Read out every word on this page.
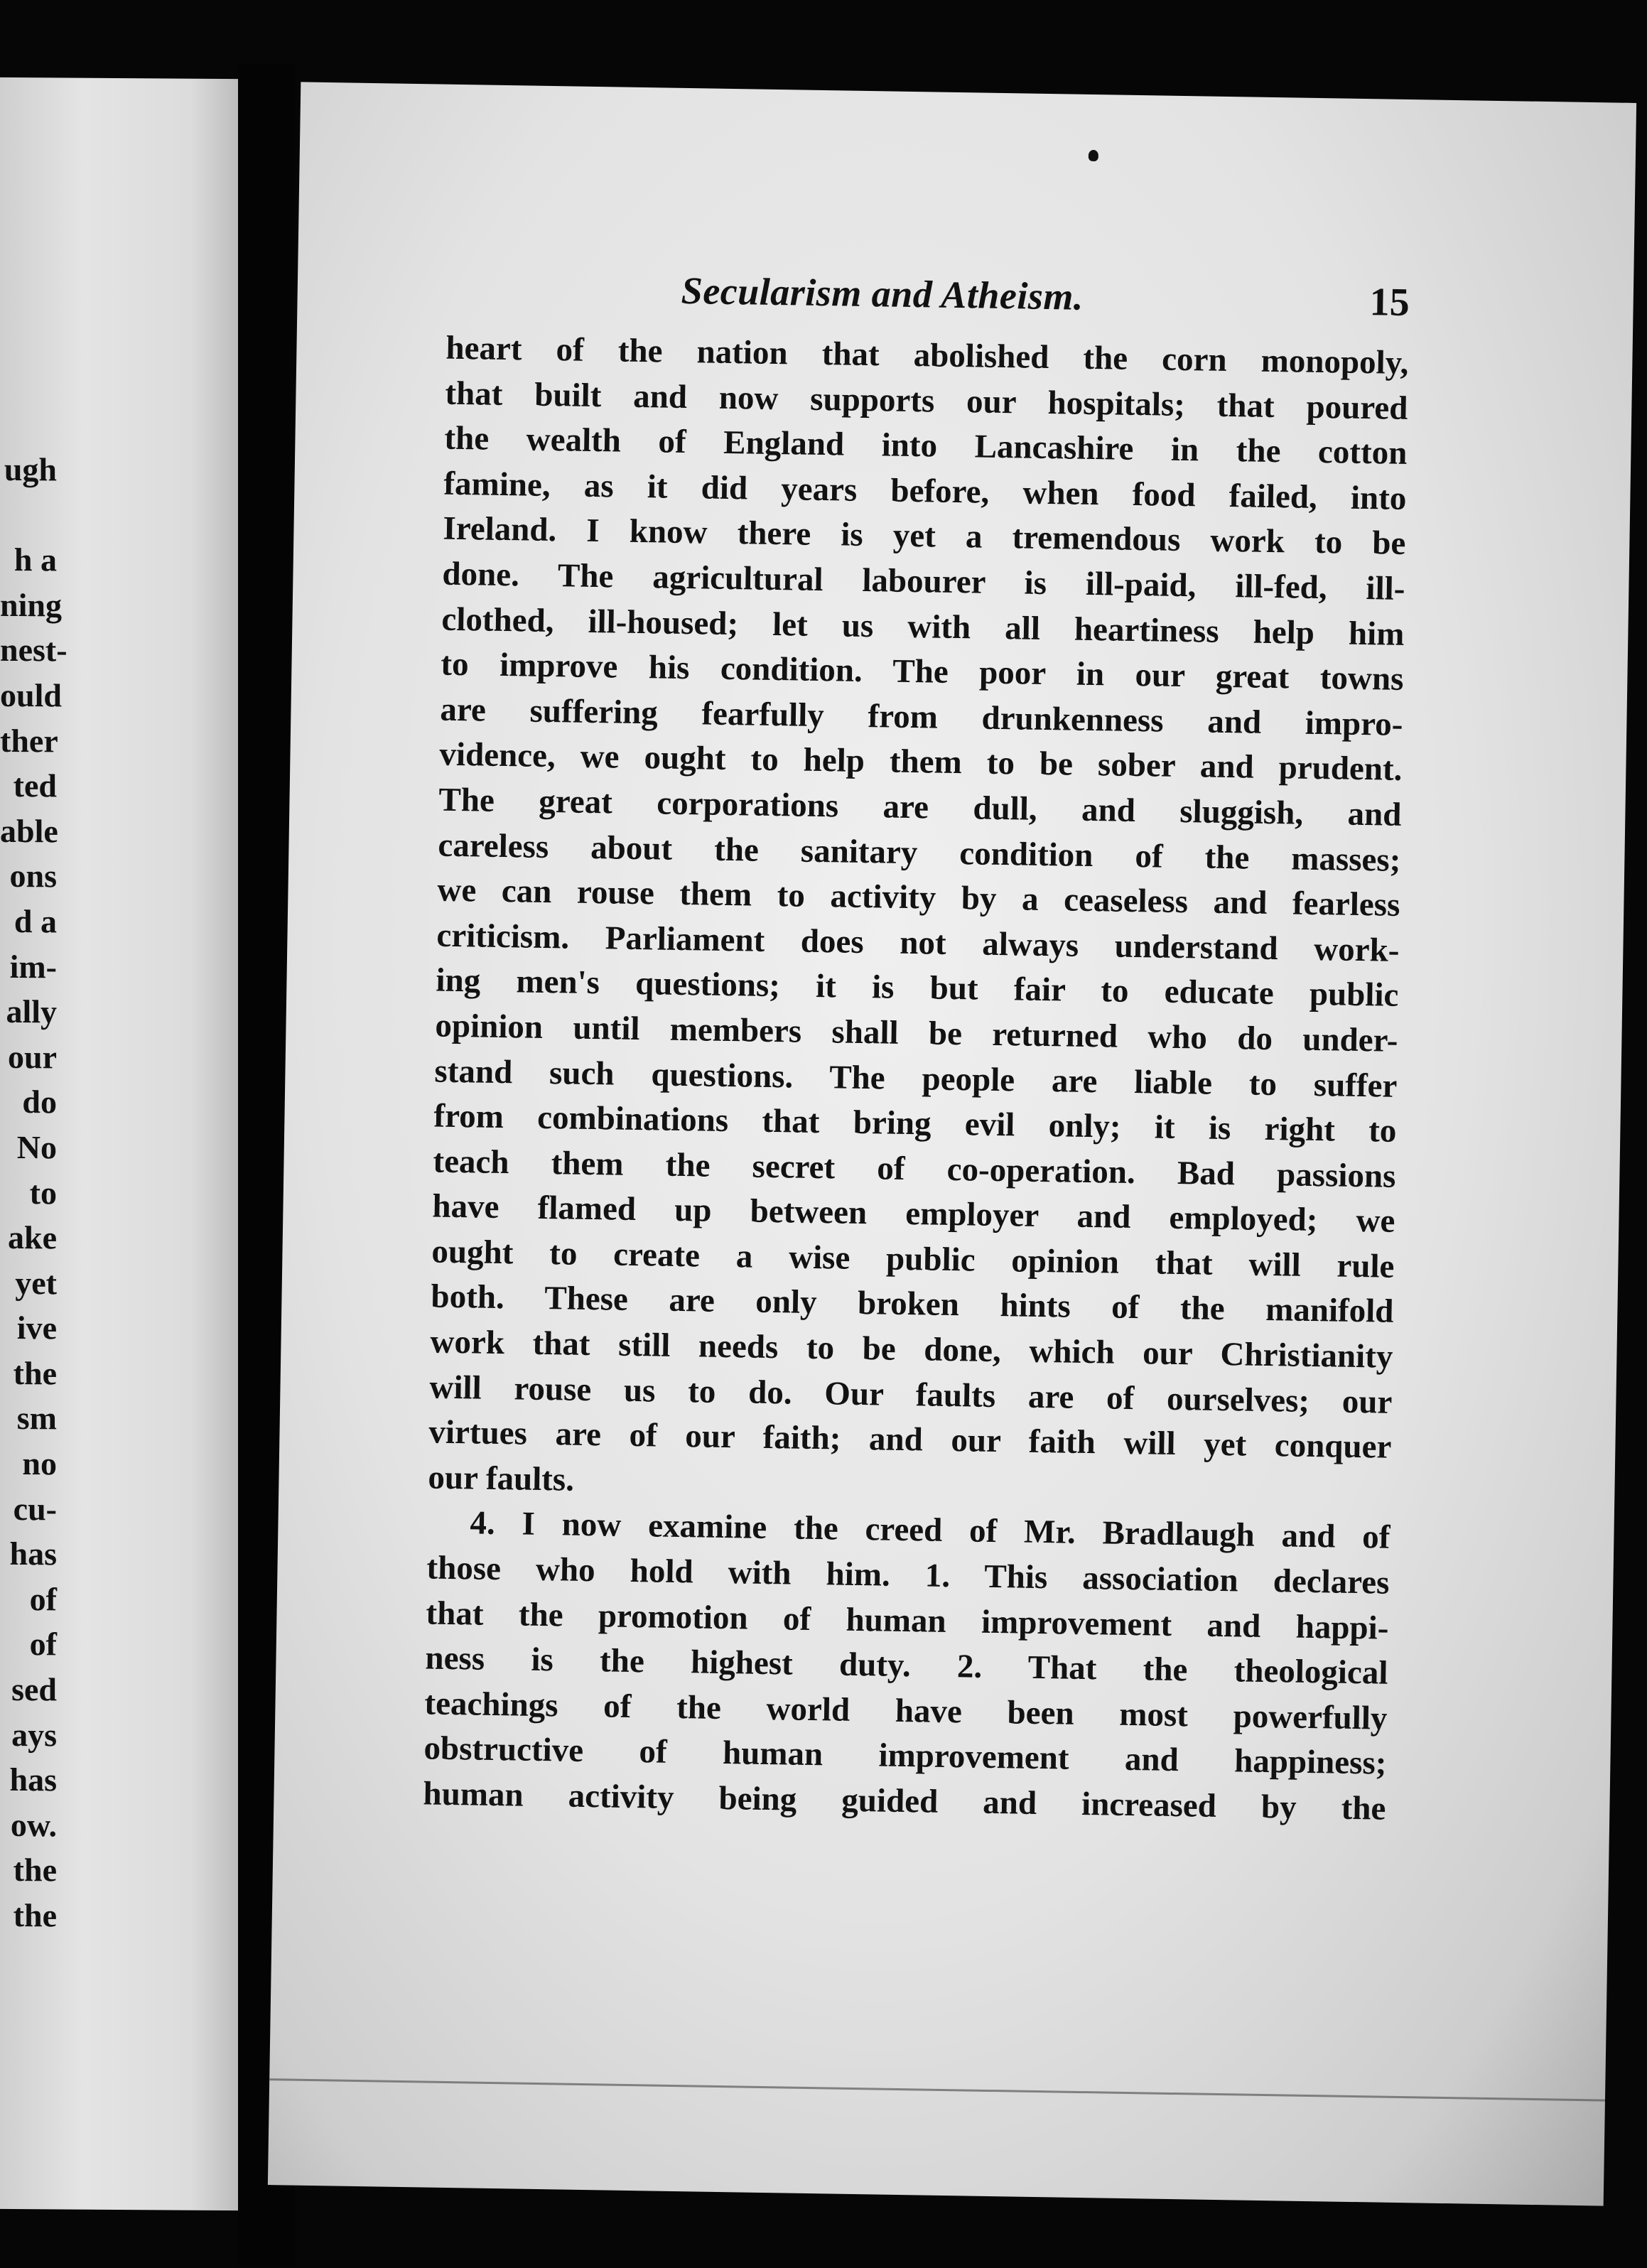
ugh
h a
ning
nest-
ould
ther
ted
able
ons
d a
im-
ally
our
do
No
to
ake
yet
ive
the
sm
no
cu-
has
of
of
sed
ays
has
ow.
the
the
Secularism and Atheism.	15
heart of the nation that abolished the corn monopoly,
that built and now supports our hospitals; that poured
the wealth of England into Lancashire in the cotton
famine, as it did years before, when food failed, into
Ireland. I know there is yet a tremendous work to be
done. The agricultural labourer is ill-paid, ill-fed, ill-
clothed, ill-housed; let us with all heartiness help him
to improve his condition. The poor in our great towns
are suffering fearfully from drunkenness and impro-
vidence, we ought to help them to be sober and prudent.
The great corporations are dull, and sluggish, and
careless about the sanitary condition of the masses;
we can rouse them to activity by a ceaseless and fearless
criticism. Parliament does not always understand work-
ing men's questions; it is but fair to educate public
opinion until members shall be returned who do under-
stand such questions. The people are liable to suffer
from combinations that bring evil only; it is right to
teach them the secret of co-operation. Bad passions
have flamed up between employer and employed; we
ought to create a wise public opinion that will rule
both. These are only broken hints of the manifold
work that still needs to be done, which our Christianity
will rouse us to do. Our faults are of ourselves; our
virtues are of our faith; and our faith will yet conquer
our faults.
4. I now examine the creed of Mr. Bradlaugh and of
those who hold with him. 1. This association declares
that the promotion of human improvement and happi-
ness is the highest duty. 2. That the theological
teachings of the world have been most powerfully
obstructive of human improvement and happiness;
human activity being guided and increased by the
